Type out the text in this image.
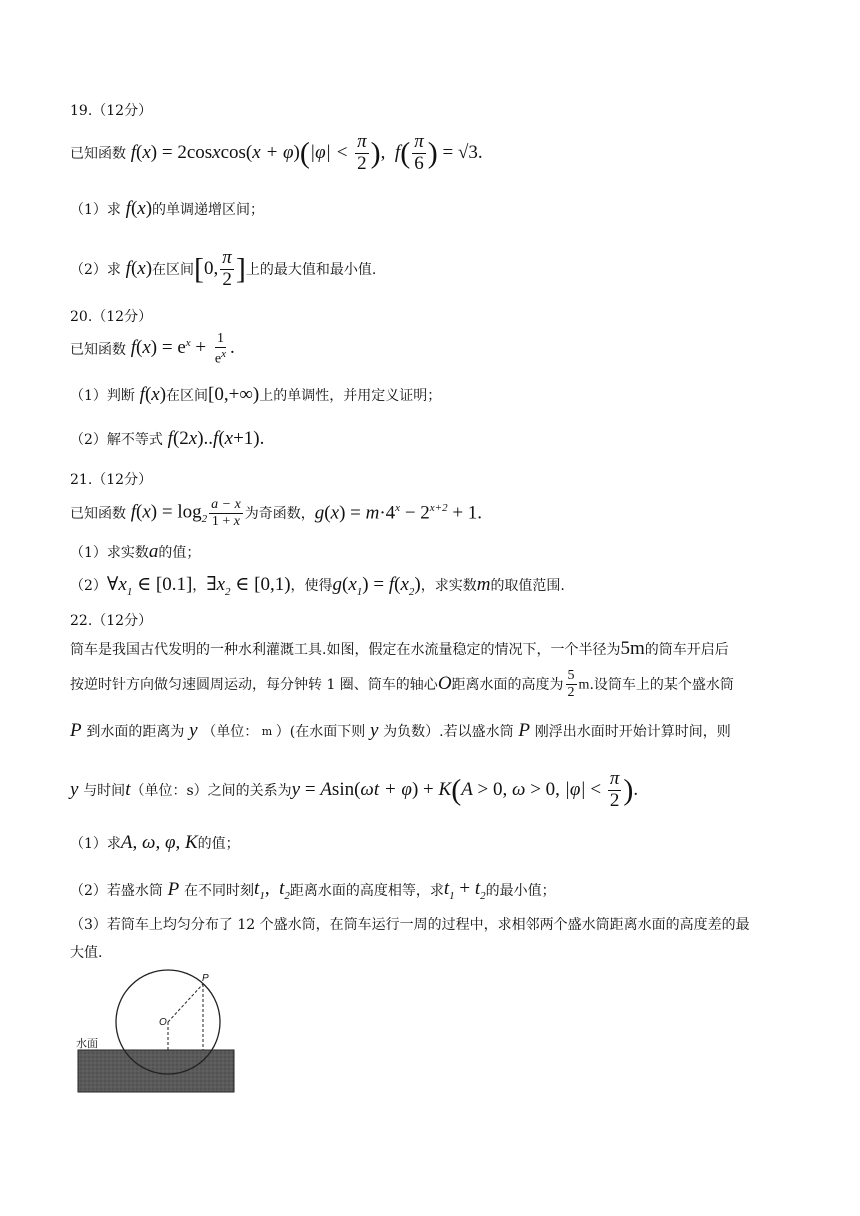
19.（12分）
已知函数 f(x) = 2cosxcos(x + $\varphi)(|\varphi| < \frac{\pi}{2}$ ),  $f( \frac{\pi}{6}$ ) = √3.
（1）求 f(x) 的单调递增区间；
（2）求 f(x) 在区间 [0, $\frac{\pi}{2}$ ] 上的最大值和最小值.
20.（12分）
已知函数 $f(x) = e^x + \frac{1}{e^x}$ .
（1）判断 f(x) 在区间 [0,+∞) 上的单调性，并用定义证明；
（2）解不等式 f(2x)..f(x+1).
21.（12分）
已知函数 $f(x) = \log_2 \frac{a - x}{1 + x}$ 为奇函数， $g(x) = m\cdot 4^x - 2^{x+2} + 1$.
（1）求实数 a 的值；
（2） $\forall x_1$ ∈ [0.1] ， $\exists x_2$ ∈ [0,1) ，使得 $g(x_1) = f(x_2)$ ，求实数 m 的取值范围.
22.（12分）
筒车是我国古代发明的一种水利灌溉工具.如图，假定在水流量稳定的情况下，一个半径为 5m 的筒车开启后
按逆时针方向做匀速圆周运动，每分钟转 1 圈、筒车的轴心 O 距离水面的高度为 $\frac{5}{2}$ m .设筒车上的某个盛水筒
P 到水面的距离为 y （单位： m ）(在水面下则 y 为负数）.若以盛水筒 P 刚浮出水面时开始计算时间，则
y 与时间 t （单位：s）之间的关系为 y = Asin(ωt + φ) + K(A > 0, ω > 0, $|\varphi| < \frac{\pi}{2}$ ).
（1）求 A, ω, φ, K 的值；
（2）若盛水筒 P 在不同时刻 $t_1$,  $t_2$ 距离水面的高度相等，求 $t_1 + t_2$ 的最小值；
（3）若筒车上均匀分布了 12 个盛水筒，在筒车运行一周的过程中，求相邻两个盛水筒距离水面的高度差的最
大值.
P
O
水面
